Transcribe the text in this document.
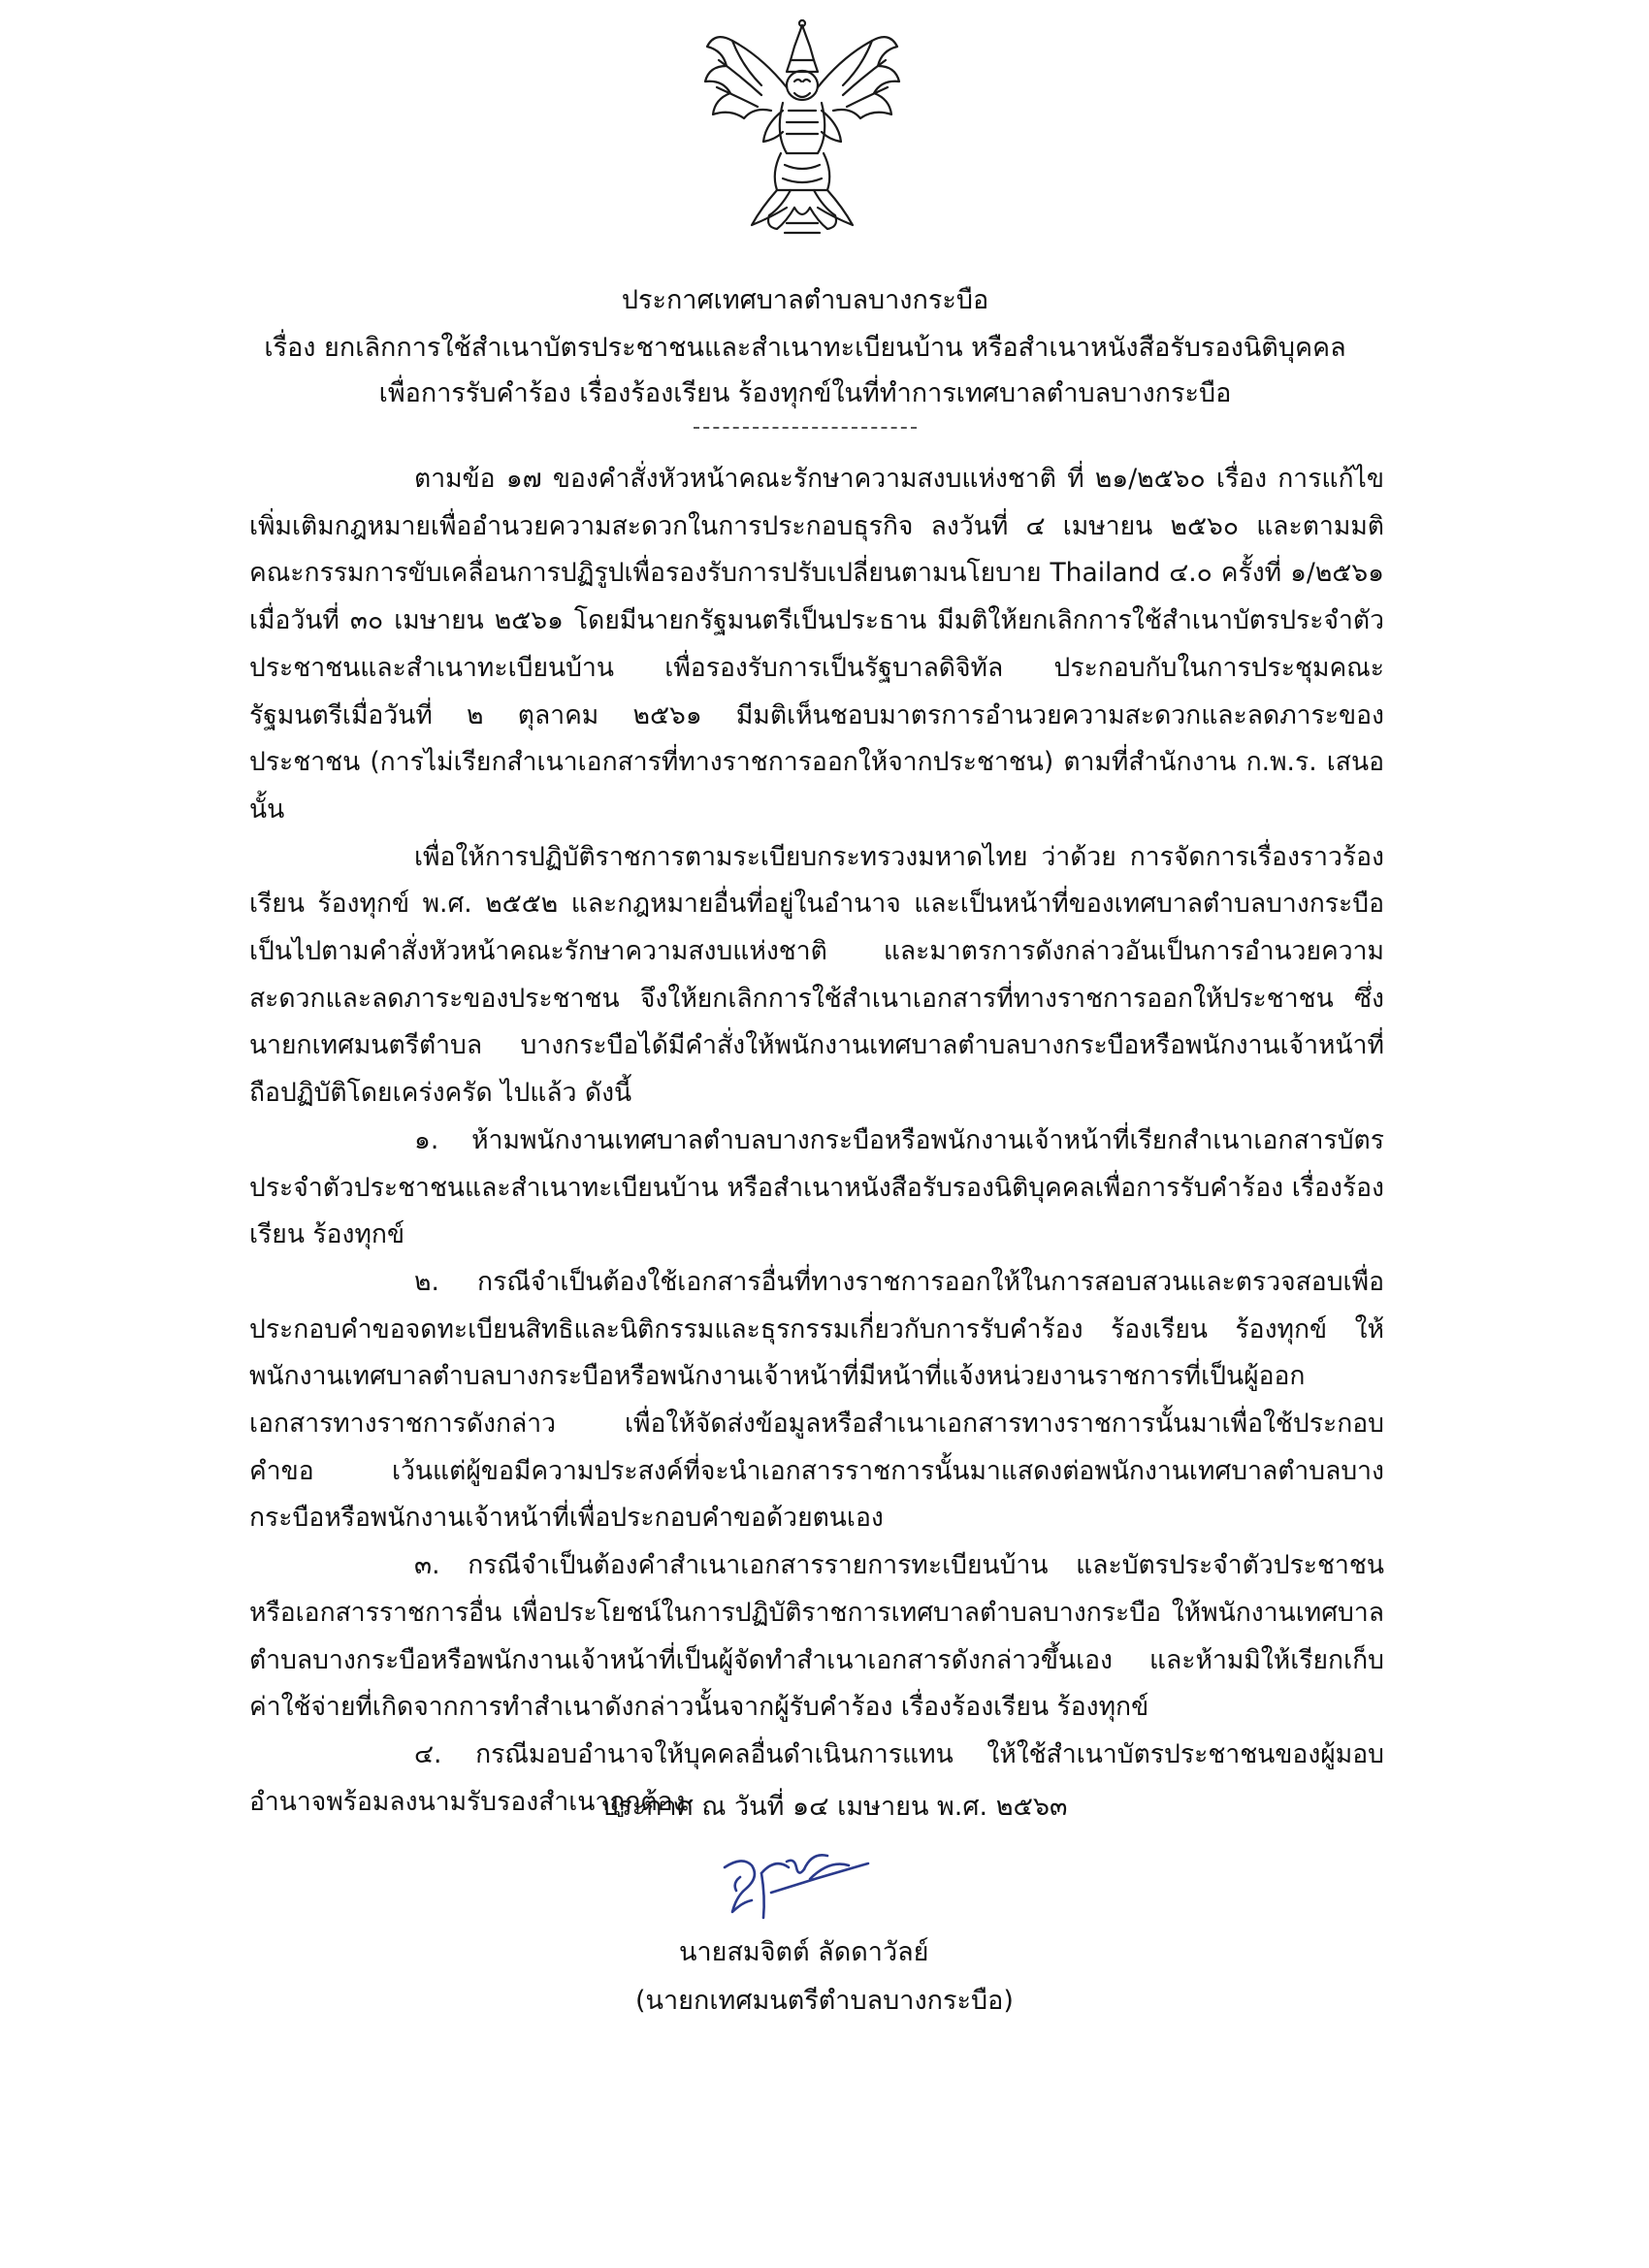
ประกาศเทศบาลตำบลบางกระบือ
เรื่อง ยกเลิกการใช้สำเนาบัตรประชาชนและสำเนาทะเบียนบ้าน หรือสำเนาหนังสือรับรองนิติบุคคล
เพื่อการรับคำร้อง เรื่องร้องเรียน ร้องทุกข์ในที่ทำการเทศบาลตำบลบางกระบือ

ตามข้อ ๑๗ ของคำสั่งหัวหน้าคณะรักษาความสงบแห่งชาติ ที่ ๒๑/๒๕๖๐ เรื่อง การแก้ไขเพิ่มเติมกฎหมายเพื่ออำนวยความสะดวกในการประกอบธุรกิจ ลงวันที่ ๔ เมษายน ๒๕๖๐ และตามมติคณะกรรมการขับเคลื่อนการปฏิรูปเพื่อรองรับการปรับเปลี่ยนตามนโยบาย Thailand ๔.๐ ครั้งที่ ๑/๒๕๖๑ เมื่อวันที่ ๓๐ เมษายน ๒๕๖๑ โดยมีนายกรัฐมนตรีเป็นประธาน มีมติให้ยกเลิกการใช้สำเนาบัตรประจำตัวประชาชนและสำเนาทะเบียนบ้าน เพื่อรองรับการเป็นรัฐบาลดิจิทัล ประกอบกับในการประชุมคณะรัฐมนตรีเมื่อวันที่ ๒ ตุลาคม ๒๕๖๑ มีมติเห็นชอบมาตรการอำนวยความสะดวกและลดภาระของประชาชน (การไม่เรียกสำเนาเอกสารที่ทางราชการออกให้จากประชาชน) ตามที่สำนักงาน ก.พ.ร. เสนอ นั้น

เพื่อให้การปฏิบัติราชการตามระเบียบกระทรวงมหาดไทย ว่าด้วย การจัดการเรื่องราวร้องเรียน ร้องทุกข์ พ.ศ. ๒๕๕๒ และกฎหมายอื่นที่อยู่ในอำนาจ และเป็นหน้าที่ของเทศบาลตำบลบางกระบือเป็นไปตามคำสั่งหัวหน้าคณะรักษาความสงบแห่งชาติ และมาตรการดังกล่าวอันเป็นการอำนวยความสะดวกและลดภาระของประชาชน จึงให้ยกเลิกการใช้สำเนาเอกสารที่ทางราชการออกให้ประชาชน ซึ่งนายกเทศมนตรีตำบล บางกระบือได้มีคำสั่งให้พนักงานเทศบาลตำบลบางกระบือหรือพนักงานเจ้าหน้าที่ถือปฏิบัติโดยเคร่งครัด ไปแล้ว ดังนี้

๑. ห้ามพนักงานเทศบาลตำบลบางกระบือหรือพนักงานเจ้าหน้าที่เรียกสำเนาเอกสารบัตรประจำตัวประชาชนและสำเนาทะเบียนบ้าน หรือสำเนาหนังสือรับรองนิติบุคคลเพื่อการรับคำร้อง เรื่องร้องเรียน ร้องทุกข์

๒. กรณีจำเป็นต้องใช้เอกสารอื่นที่ทางราชการออกให้ในการสอบสวนและตรวจสอบเพื่อประกอบคำขอจดทะเบียนสิทธิและนิติกรรมและธุรกรรมเกี่ยวกับการรับคำร้อง ร้องเรียน ร้องทุกข์ ให้พนักงานเทศบาลตำบลบางกระบือหรือพนักงานเจ้าหน้าที่มีหน้าที่แจ้งหน่วยงานราชการที่เป็นผู้ออกเอกสารทางราชการดังกล่าว เพื่อให้จัดส่งข้อมูลหรือสำเนาเอกสารทางราชการนั้นมาเพื่อใช้ประกอบคำขอ เว้นแต่ผู้ขอมีความประสงค์ที่จะนำเอกสารราชการนั้นมาแสดงต่อพนักงานเทศบาลตำบลบางกระบือหรือพนักงานเจ้าหน้าที่เพื่อประกอบคำขอด้วยตนเอง

๓. กรณีจำเป็นต้องคำสำเนาเอกสารรายการทะเบียนบ้าน และบัตรประจำตัวประชาชนหรือเอกสารราชการอื่น เพื่อประโยชน์ในการปฏิบัติราชการเทศบาลตำบลบางกระบือ ให้พนักงานเทศบาลตำบลบางกระบือหรือพนักงานเจ้าหน้าที่เป็นผู้จัดทำสำเนาเอกสารดังกล่าวขึ้นเอง และห้ามมิให้เรียกเก็บค่าใช้จ่ายที่เกิดจากการทำสำเนาดังกล่าวนั้นจากผู้รับคำร้อง เรื่องร้องเรียน ร้องทุกข์

๔. กรณีมอบอำนาจให้บุคคลอื่นดำเนินการแทน ให้ใช้สำเนาบัตรประชาชนของผู้มอบอำนาจพร้อมลงนามรับรองสำเนาถูกต้อง

ประกาศ ณ วันที่ ๑๔ เมษายน พ.ศ. ๒๕๖๓
นายสมจิตต์ ลัดดาวัลย์
(นายกเทศมนตรีตำบลบางกระบือ)
